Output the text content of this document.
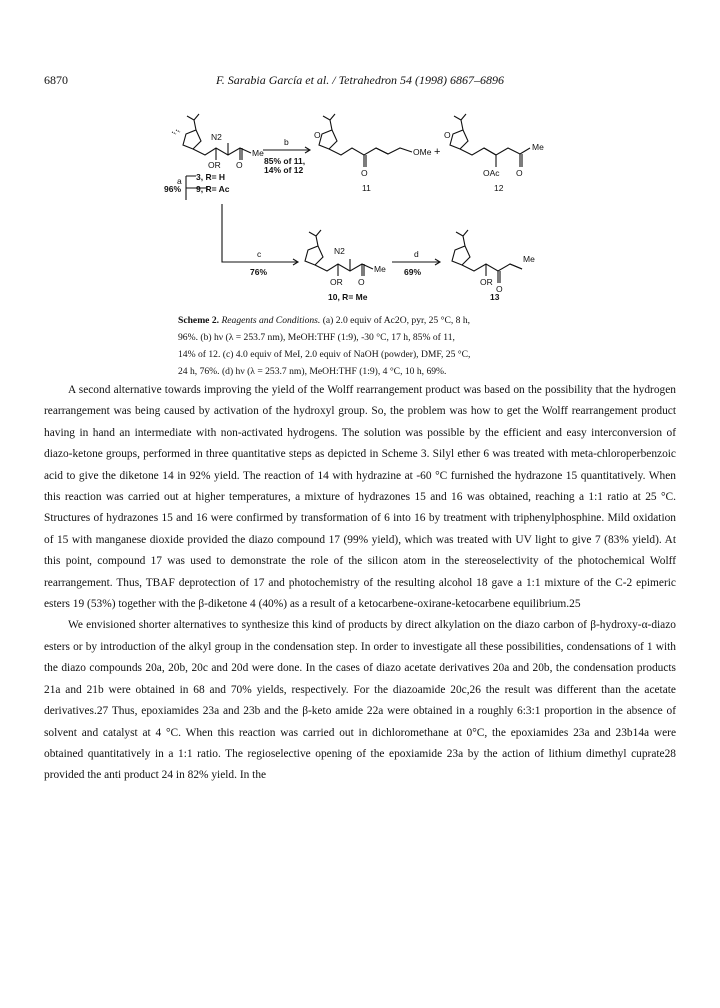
6870	F. Sarabia García et al. / Tetrahedron 54 (1998) 6867–6896
N2
Me
OR O
O
OMe
O
+
O
Me
OAc O
b
85% of 11,
14% of 12
11	12
a 3, R= H
96% 9, R= Ac
c
76%
N2
Me
OR O
10, R= Me
d
69%
Me
OR
O
13
Scheme 2. Reagents and Conditions. (a) 2.0 equiv of Ac2O, pyr, 25 °C, 8 h,
96%. (b) hν (λ = 253.7 nm), MeOH:THF (1:9), -30 °C, 17 h, 85% of 11,
14% of 12. (c) 4.0 equiv of MeI, 2.0 equiv of NaOH (powder), DMF, 25 °C,
24 h, 76%. (d) hν (λ = 253.7 nm), MeOH:THF (1:9), 4 °C, 10 h, 69%.

A second alternative towards improving the yield of the Wolff rearrangement product was based on the possibility that the hydrogen rearrangement was being caused by activation of the hydroxyl group. So, the problem was how to get the Wolff rearrangement product having in hand an intermediate with non-activated hydrogens. The solution was possible by the efficient and easy interconversion of diazo-ketone groups, performed in three quantitative steps as depicted in Scheme 3. Silyl ether 6 was treated with meta-chloroperbenzoic acid to give the diketone 14 in 92% yield. The reaction of 14 with hydrazine at -60 °C furnished the hydrazone 15 quantitatively. When this reaction was carried out at higher temperatures, a mixture of hydrazones 15 and 16 was obtained, reaching a 1:1 ratio at 25 °C. Structures of hydrazones 15 and 16 were confirmed by transformation of 6 into 16 by treatment with triphenylphosphine. Mild oxidation of 15 with manganese dioxide provided the diazo compound 17 (99% yield), which was treated with UV light to give 7 (83% yield). At this point, compound 17 was used to demonstrate the role of the silicon atom in the stereoselectivity of the photochemical Wolff rearrangement. Thus, TBAF deprotection of 17 and photochemistry of the resulting alcohol 18 gave a 1:1 mixture of the C-2 epimeric esters 19 (53%) together with the β-diketone 4 (40%) as a result of a ketocarbene-oxirane-ketocarbene equilibrium.25

We envisioned shorter alternatives to synthesize this kind of products by direct alkylation on the diazo carbon of β-hydroxy-α-diazo esters or by introduction of the alkyl group in the condensation step. In order to investigate all these possibilities, condensations of 1 with the diazo compounds 20a, 20b, 20c and 20d were done. In the cases of diazo acetate derivatives 20a and 20b, the condensation products 21a and 21b were obtained in 68 and 70% yields, respectively. For the diazoamide 20c,26 the result was different than the acetate derivatives.27 Thus, epoxiamides 23a and 23b and the β-keto amide 22a were obtained in a roughly 6:3:1 proportion in the absence of solvent and catalyst at 4 °C. When this reaction was carried out in dichloromethane at 0°C, the epoxiamides 23a and 23b14a were obtained quantitatively in a 1:1 ratio. The regioselective opening of the epoxiamide 23a by the action of lithium dimethyl cuprate28 provided the anti product 24 in 82% yield. In the
